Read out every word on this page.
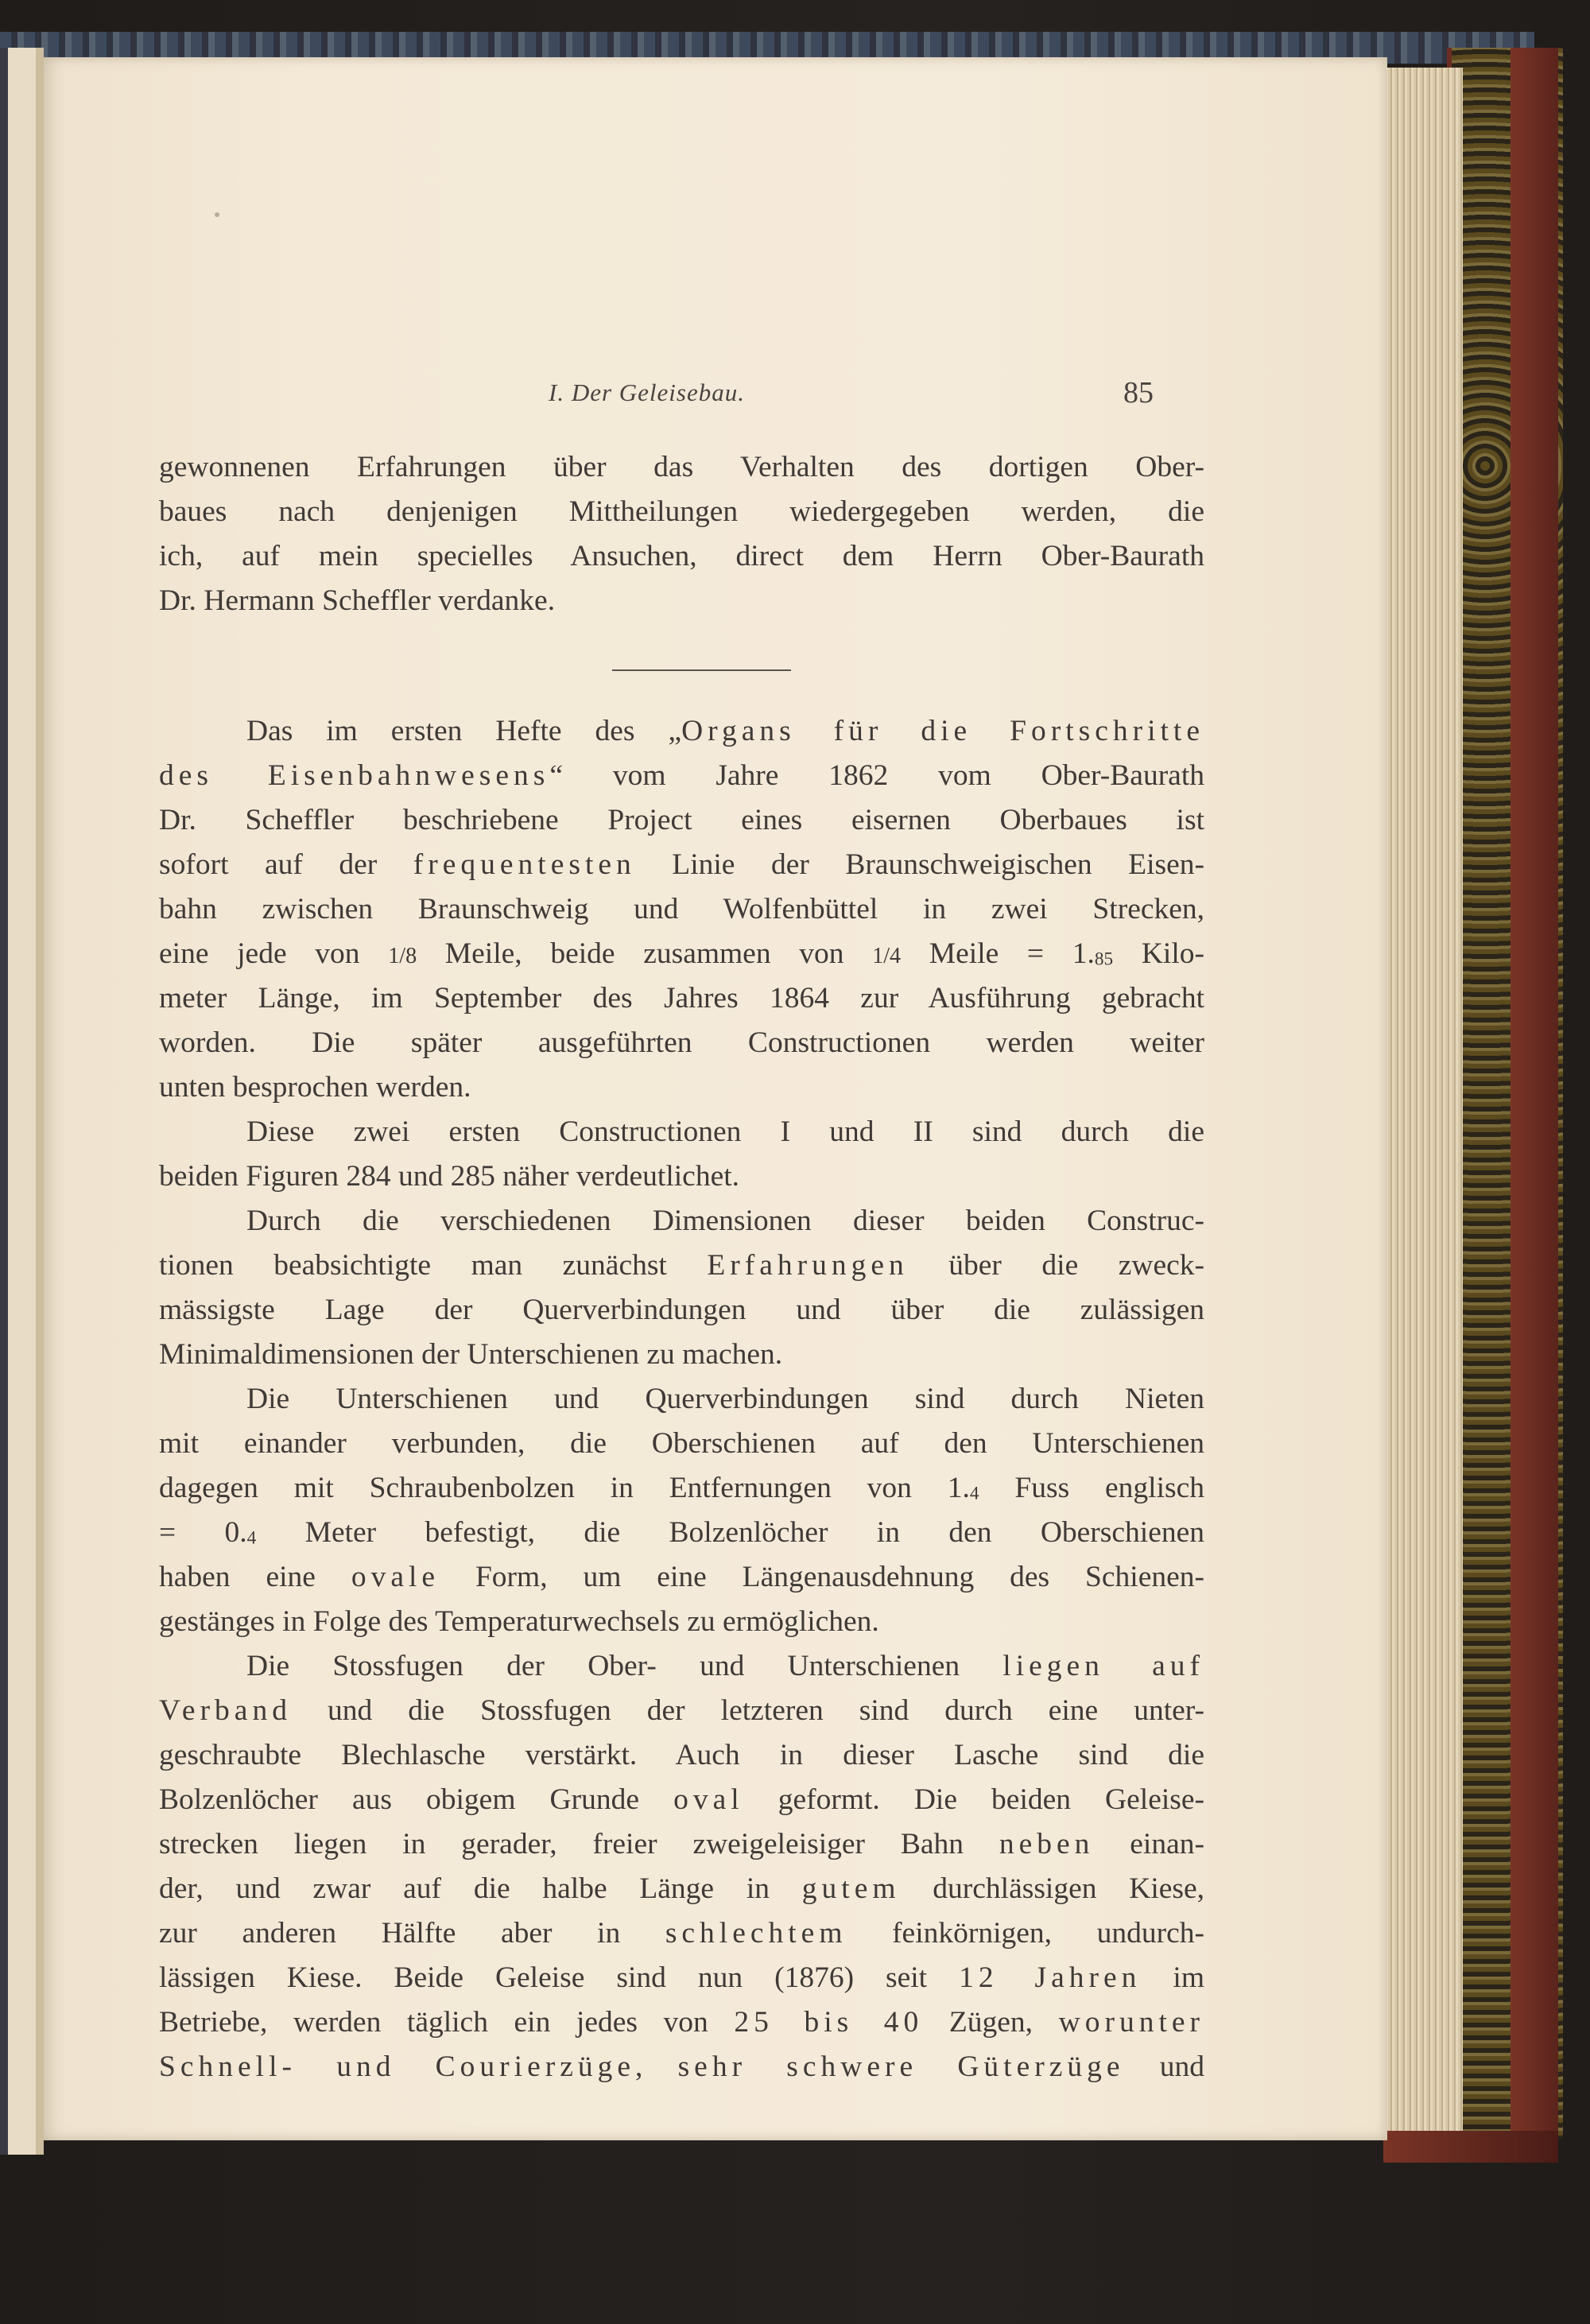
I. Der Geleisebau.	85
gewonnenen Erfahrungen über das Verhalten des dortigen Ober-
baues nach denjenigen Mittheilungen wiedergegeben werden, die
ich, auf mein specielles Ansuchen, direct dem Herrn Ober-Baurath
Dr. Hermann Scheffler verdanke.
Das im ersten Hefte des „Organs für die Fortschritte
des Eisenbahnwesens“ vom Jahre 1862 vom Ober-Baurath
Dr. Scheffler beschriebene Project eines eisernen Oberbaues ist
sofort auf der frequentesten Linie der Braunschweigischen Eisen-
bahn zwischen Braunschweig und Wolfenbüttel in zwei Strecken,
eine jede von 1/8 Meile, beide zusammen von 1/4 Meile = 1.85 Kilo-
meter Länge, im September des Jahres 1864 zur Ausführung gebracht
worden. Die später ausgeführten Constructionen werden weiter
unten besprochen werden.
Diese zwei ersten Constructionen I und II sind durch die
beiden Figuren 284 und 285 näher verdeutlichet.
Durch die verschiedenen Dimensionen dieser beiden Construc-
tionen beabsichtigte man zunächst Erfahrungen über die zweck-
mässigste Lage der Querverbindungen und über die zulässigen
Minimaldimensionen der Unterschienen zu machen.
Die Unterschienen und Querverbindungen sind durch Nieten
mit einander verbunden, die Oberschienen auf den Unterschienen
dagegen mit Schraubenbolzen in Entfernungen von 1.4 Fuss englisch
= 0.4 Meter befestigt, die Bolzenlöcher in den Oberschienen
haben eine ovale Form, um eine Längenausdehnung des Schienen-
gestänges in Folge des Temperaturwechsels zu ermöglichen.
Die Stossfugen der Ober- und Unterschienen liegen auf
Verband und die Stossfugen der letzteren sind durch eine unter-
geschraubte Blechlasche verstärkt. Auch in dieser Lasche sind die
Bolzenlöcher aus obigem Grunde oval geformt. Die beiden Geleise-
strecken liegen in gerader, freier zweigeleisiger Bahn neben einan-
der, und zwar auf die halbe Länge in gutem durchlässigen Kiese,
zur anderen Hälfte aber in schlechtem feinkörnigen, undurch-
lässigen Kiese. Beide Geleise sind nun (1876) seit 12 Jahren im
Betriebe, werden täglich ein jedes von 25 bis 40 Zügen, worunter
Schnell- und Courierzüge, sehr schwere Güterzüge und
